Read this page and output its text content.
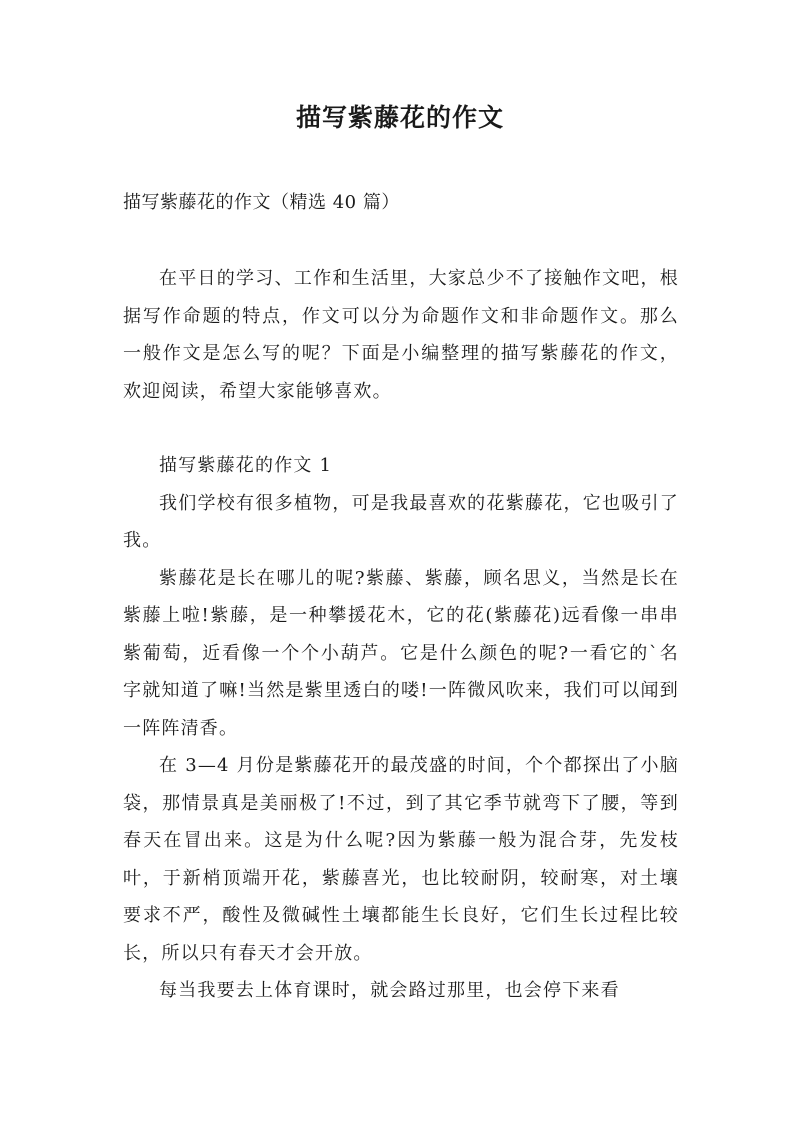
描写紫藤花的作文
描写紫藤花的作文（精选 40 篇）

在平日的学习、工作和生活里，大家总少不了接触作文吧，根据写作命题的特点，作文可以分为命题作文和非命题作文。那么一般作文是怎么写的呢？下面是小编整理的描写紫藤花的作文，欢迎阅读，希望大家能够喜欢。

描写紫藤花的作文 1

我们学校有很多植物，可是我最喜欢的花紫藤花，它也吸引了我。

紫藤花是长在哪儿的呢?紫藤、紫藤，顾名思义，当然是长在紫藤上啦!紫藤，是一种攀援花木，它的花(紫藤花)远看像一串串紫葡萄，近看像一个个小葫芦。它是什么颜色的呢?一看它的`名字就知道了嘛!当然是紫里透白的喽!一阵微风吹来，我们可以闻到一阵阵清香。

在 3—4 月份是紫藤花开的最茂盛的时间，个个都探出了小脑袋，那情景真是美丽极了!不过，到了其它季节就弯下了腰，等到春天在冒出来。这是为什么呢?因为紫藤一般为混合芽，先发枝叶，于新梢顶端开花，紫藤喜光，也比较耐阴，较耐寒，对土壤要求不严，酸性及微碱性土壤都能生长良好，它们生长过程比较长，所以只有春天才会开放。

每当我要去上体育课时，就会路过那里，也会停下来看
